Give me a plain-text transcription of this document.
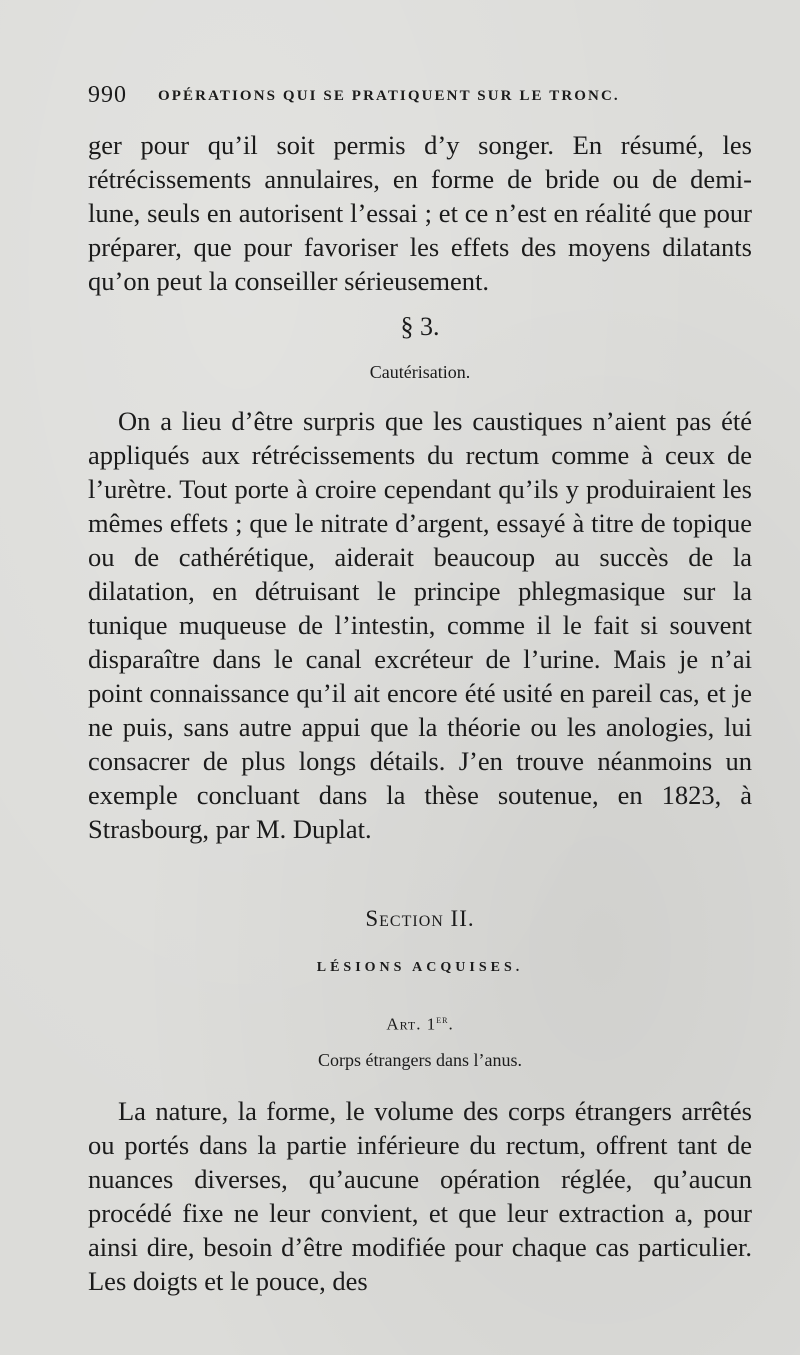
990 OPÉRATIONS QUI SE PRATIQUENT SUR LE TRONC.

ger pour qu’il soit permis d’y songer. En résumé, les rétrécissements annulaires, en forme de bride ou de demi-lune, seuls en autorisent l’essai ; et ce n’est en réalité que pour préparer, que pour favoriser les effets des moyens dilatants qu’on peut la conseiller sérieusement.

§ 3.
Cautérisation.

On a lieu d’être surpris que les caustiques n’aient pas été appliqués aux rétrécissements du rectum comme à ceux de l’urètre. Tout porte à croire cependant qu’ils y produiraient les mêmes effets ; que le nitrate d’argent, essayé à titre de topique ou de cathérétique, aiderait beaucoup au succès de la dilatation, en détruisant le principe phlegmasique sur la tunique muqueuse de l’intestin, comme il le fait si souvent disparaître dans le canal excréteur de l’urine. Mais je n’ai point connaissance qu’il ait encore été usité en pareil cas, et je ne puis, sans autre appui que la théorie ou les anologies, lui consacrer de plus longs détails. J’en trouve néanmoins un exemple concluant dans la thèse soutenue, en 1823, à Strasbourg, par M. Duplat.

Section II.
LÉSIONS ACQUISES.
Art. 1er.
Corps étrangers dans l’anus.

La nature, la forme, le volume des corps étrangers arrêtés ou portés dans la partie inférieure du rectum, offrent tant de nuances diverses, qu’aucune opération réglée, qu’aucun procédé fixe ne leur convient, et que leur extraction a, pour ainsi dire, besoin d’être modifiée pour chaque cas particulier. Les doigts et le pouce, des
